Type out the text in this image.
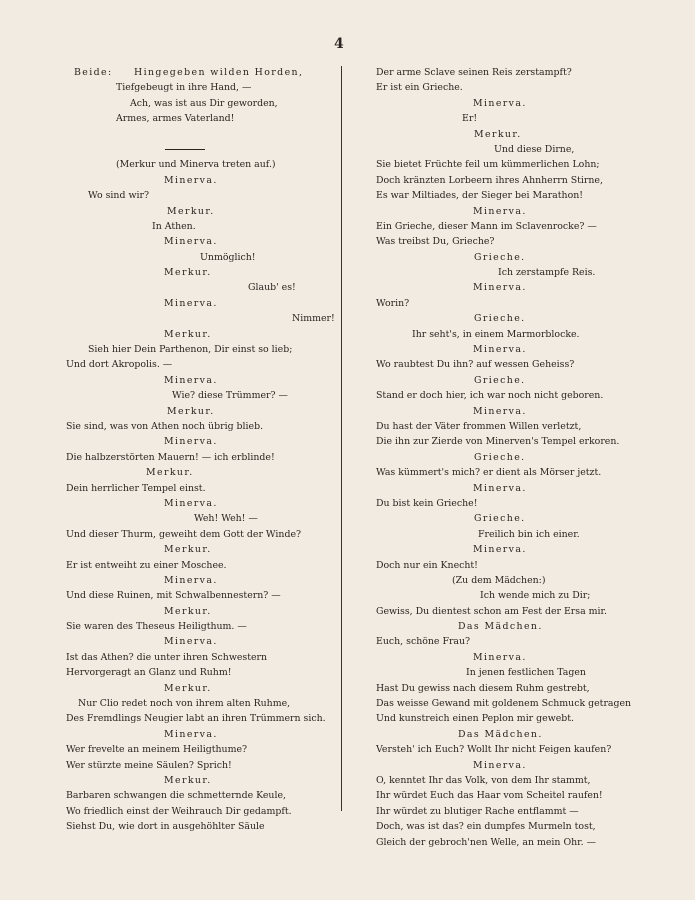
4
Beide: Hingegeben wilden Horden,
Tiefgebeugt in ihre Hand, —
Ach, was ist aus Dir geworden,
Armes, armes Vaterland!
(Merkur und Minerva treten auf.)
Minerva.
Wo sind wir?
Merkur.
In Athen.
Minerva.
Unmöglich!
Merkur.
Glaub' es!
Minerva.
Nimmer!
Merkur.
Sieh hier Dein Parthenon, Dir einst so lieb;
Und dort Akropolis. —
Minerva.
Wie? diese Trümmer? —
Merkur.
Sie sind, was von Athen noch übrig blieb.
Minerva.
Die halbzerstörten Mauern! — ich erblinde!
Merkur.
Dein herrlicher Tempel einst.
Minerva.
Weh! Weh! —
Und dieser Thurm, geweiht dem Gott der Winde?
Merkur.
Er ist entweiht zu einer Moschee.
Minerva.
Und diese Ruinen, mit Schwalbennestern? —
Merkur.
Sie waren des Theseus Heiligthum. —
Minerva.
Ist das Athen? die unter ihren Schwestern
Hervorgeragt an Glanz und Ruhm!
Merkur.
Nur Clio redet noch von ihrem alten Ruhme,
Des Fremdlings Neugier labt an ihren Trümmern sich.
Minerva.
Wer frevelte an meinem Heiligthume?
Wer stürzte meine Säulen? Sprich!
Merkur.
Barbaren schwangen die schmetternde Keule,
Wo friedlich einst der Weihrauch Dir gedampft.
Siehst Du, wie dort in ausgehöhlter Säule
Der arme Sclave seinen Reis zerstampft?
Er ist ein Grieche.
Minerva.
Er!
Merkur.
Und diese Dirne,
Sie bietet Früchte feil um kümmerlichen Lohn;
Doch kränzten Lorbeern ihres Ahnherrn Stirne,
Es war Miltiades, der Sieger bei Marathon!
Minerva.
Ein Grieche, dieser Mann im Sclavenrocke? —
Was treibst Du, Grieche?
Grieche.
Ich zerstampfe Reis.
Minerva.
Worin?
Grieche.
Ihr seht's, in einem Marmorblocke.
Minerva.
Wo raubtest Du ihn? auf wessen Geheiss?
Grieche.
Stand er doch hier, ich war noch nicht geboren.
Minerva.
Du hast der Väter frommen Willen verletzt,
Die ihn zur Zierde von Minerven's Tempel erkoren.
Grieche.
Was kümmert's mich? er dient als Mörser jetzt.
Minerva.
Du bist kein Grieche!
Grieche.
Freilich bin ich einer.
Minerva.
Doch nur ein Knecht!
(Zu dem Mädchen:)
Ich wende mich zu Dir;
Gewiss, Du dientest schon am Fest der Ersa mir.
Das Mädchen.
Euch, schöne Frau?
Minerva.
In jenen festlichen Tagen
Hast Du gewiss nach diesem Ruhm gestrebt,
Das weisse Gewand mit goldenem Schmuck getragen
Und kunstreich einen Peplon mir gewebt.
Das Mädchen.
Versteh' ich Euch? Wollt Ihr nicht Feigen kaufen?
Minerva.
O, kenntet Ihr das Volk, von dem Ihr stammt,
Ihr würdet Euch das Haar vom Scheitel raufen!
Ihr würdet zu blutiger Rache entflammt —
Doch, was ist das? ein dumpfes Murmeln tost,
Gleich der gebroch'nen Welle, an mein Ohr. —
